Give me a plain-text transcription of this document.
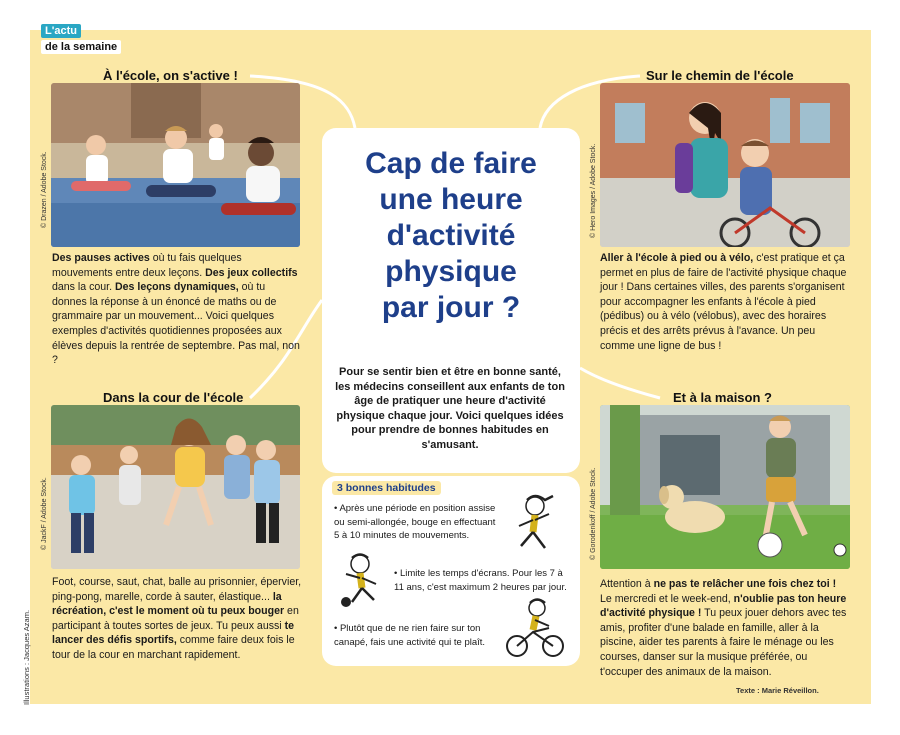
L'actu
de la semaine
À l'école, on s'active !
© Drazen / Adobe Stock.
Des pauses actives où tu fais quelques mouvements entre deux leçons. Des jeux collectifs dans la cour. Des leçons dynamiques, où tu donnes la réponse à un énoncé de maths ou de grammaire par un mouvement... Voici quelques exemples d'activités quotidiennes proposées aux élèves depuis la rentrée de septembre. Pas mal, non ?
Sur le chemin de l'école
© Hero Images / Adobe Stock.
Aller à l'école à pied ou à vélo, c'est pratique et ça permet en plus de faire de l'activité physique chaque jour ! Dans certaines villes, des parents s'organisent pour accompagner les enfants à l'école à pied (pédibus) ou à vélo (vélobus), avec des horaires précis et des arrêts prévus à l'avance. Un peu comme une ligne de bus !
Cap de faire
une heure
d'activité
physique
par jour ?
Pour se sentir bien et être en bonne santé, les médecins conseillent aux enfants de ton âge de pratiquer une heure d'activité physique chaque jour. Voici quelques idées pour prendre de bonnes habitudes en s'amusant.
Dans la cour de l'école
© JackF / Adobe Stock.
Foot, course, saut, chat, balle au prisonnier, épervier, ping-pong, marelle, corde à sauter, élastique... la récréation, c'est le moment où tu peux bouger en participant à toutes sortes de jeux. Tu peux aussi te lancer des défis sportifs, comme faire deux fois le tour de la cour en marchant rapidement.
Et à la maison ?
© Gorodenkoff / Adobe Stock.
Attention à ne pas te relâcher une fois chez toi ! Le mercredi et le week-end, n'oublie pas ton heure d'activité physique ! Tu peux jouer dehors avec tes amis, profiter d'une balade en famille, aller à la piscine, aider tes parents à faire le ménage ou les courses, danser sur la musique préférée, ou t'occuper des animaux de la maison.
3 bonnes habitudes
• Après une période en position assise ou semi-allongée, bouge en effectuant 5 à 10 minutes de mouvements.
• Limite les temps d'écrans. Pour les 7 à 11 ans, c'est maximum 2 heures par jour.
• Plutôt que de ne rien faire sur ton canapé, fais une activité qui te plaît.
Texte : Marie Réveillon.
Illustrations : Jacques Azam.
